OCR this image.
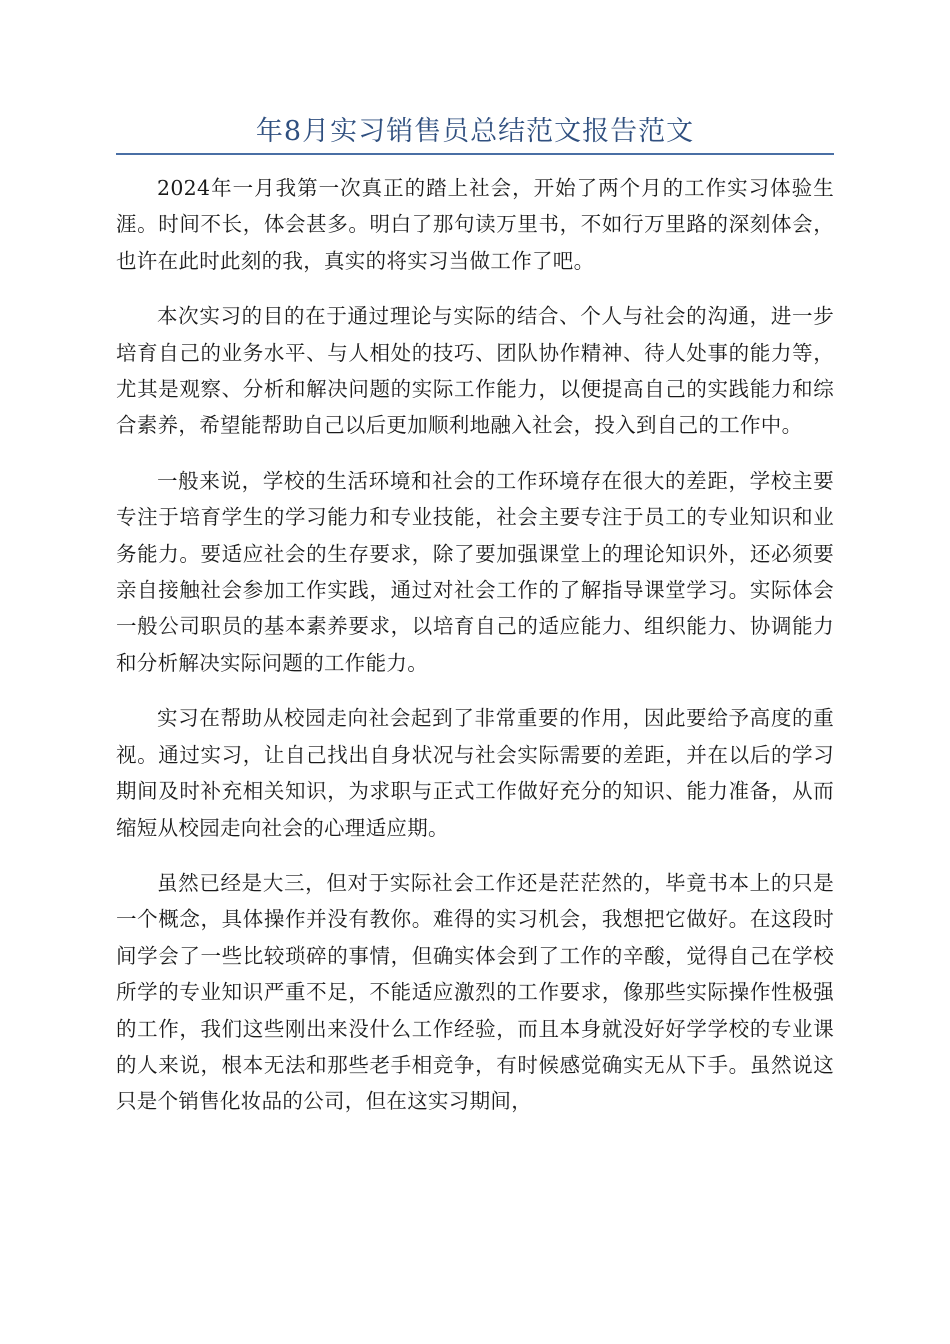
年8月实习销售员总结范文报告范文

2024年一月我第一次真正的踏上社会，开始了两个月的工作实习体验生涯。时间不长，体会甚多。明白了那句读万里书，不如行万里路的深刻体会，也许在此时此刻的我，真实的将实习当做工作了吧。

本次实习的目的在于通过理论与实际的结合、个人与社会的沟通，进一步培育自己的业务水平、与人相处的技巧、团队协作精神、待人处事的能力等，尤其是观察、分析和解决问题的实际工作能力，以便提高自己的实践能力和综合素养，希望能帮助自己以后更加顺利地融入社会，投入到自己的工作中。

一般来说，学校的生活环境和社会的工作环境存在很大的差距，学校主要专注于培育学生的学习能力和专业技能，社会主要专注于员工的专业知识和业务能力。要适应社会的生存要求，除了要加强课堂上的理论知识外，还必须要亲自接触社会参加工作实践，通过对社会工作的了解指导课堂学习。实际体会一般公司职员的基本素养要求，以培育自己的适应能力、组织能力、协调能力和分析解决实际问题的工作能力。

实习在帮助从校园走向社会起到了非常重要的作用，因此要给予高度的重视。通过实习，让自己找出自身状况与社会实际需要的差距，并在以后的学习期间及时补充相关知识，为求职与正式工作做好充分的知识、能力准备，从而缩短从校园走向社会的心理适应期。

虽然已经是大三，但对于实际社会工作还是茫茫然的，毕竟书本上的只是一个概念，具体操作并没有教你。难得的实习机会，我想把它做好。在这段时间学会了一些比较琐碎的事情，但确实体会到了工作的辛酸，觉得自己在学校所学的专业知识严重不足，不能适应激烈的工作要求，像那些实际操作性极强的工作，我们这些刚出来没什么工作经验，而且本身就没好好学学校的专业课的人来说，根本无法和那些老手相竞争，有时候感觉确实无从下手。虽然说这只是个销售化妆品的公司，但在这实习期间，
